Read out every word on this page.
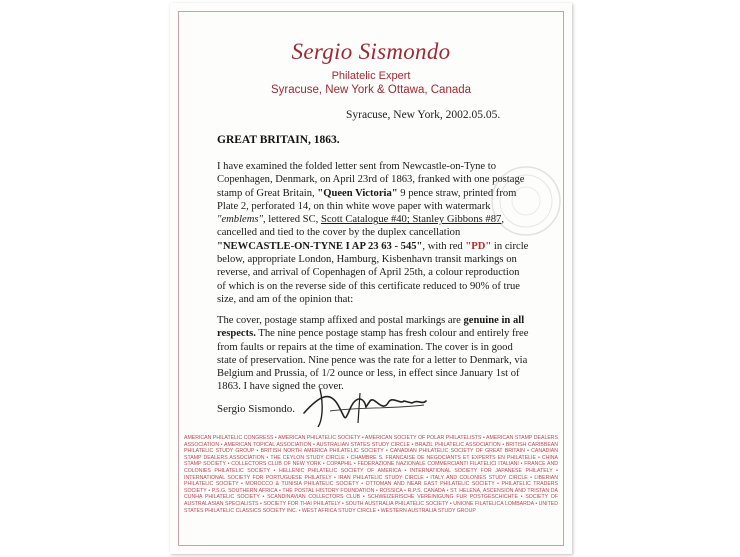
Sergio Sismondo
Philatelic Expert
Syracuse, New York & Ottawa, Canada
Syracuse, New York, 2002.05.05.
GREAT BRITAIN, 1863.
I have examined the folded letter sent from Newcastle-on-Tyne to Copenhagen, Denmark, on April 23rd of 1863, franked with one postage stamp of Great Britain, "Queen Victoria" 9 pence straw, printed from Plate 2, perforated 14, on thin white wove paper with watermark "emblems", lettered SC, Scott Catalogue #40; Stanley Gibbons #87, cancelled and tied to the cover by the duplex cancellation "NEWCASTLE-ON-TYNE I AP 23 63 - 545", with red "PD" in circle below, appropriate London, Hamburg, Kisbenhavn transit markings on reverse, and arrival of Copenhagen of April 25th, a colour reproduction of which is on the reverse side of this certificate reduced to 90% of true size, and am of the opinion that:
The cover, postage stamp affixed and postal markings are genuine in all respects. The nine pence postage stamp has fresh colour and entirely free from faults or repairs at the time of examination. The cover is in good state of preservation. Nine pence was the rate for a letter to Denmark, via Belgium and Prussia, of 1/2 ounce or less, in effect since January 1st of 1863. I have signed the cover.
Sergio Sismondo.
AMERICAN PHILATELIC CONGRESS • AMERICAN PHILATELIC SOCIETY • AMERICAN SOCIETY OF POLAR PHILATELISTS • AMERICAN STAMP DEALERS ASSOCIATION • AMERICAN TOPICAL ASSOCIATION • AUSTRALIAN STATES STUDY CIRCLE • BRAZIL PHILATELIC ASSOCIATION • BRITISH CARIBBEAN PHILATELIC STUDY GROUP • BRITISH NORTH AMERICA PHILATELIC SOCIETY • CANADIAN PHILATELIC SOCIETY OF GREAT BRITAIN • CANADIAN STAMP DEALERS ASSOCIATION • THE CEYLON STUDY CIRCLE • CHAMBRE S. FRANCAISE DE NEGOCIANTS ET EXPERTS EN PHILATELIE • CHINA STAMP SOCIETY • COLLECTORS CLUB OF NEW YORK • COPAPHIL • FEDERAZIONE NAZIONALE COMMERCIANTI FILATELICI ITALIANI • FRANCE AND COLONIES PHILATELIC SOCIETY • HELLENIC PHILATELIC SOCIETY OF AMERICA • INTERNATIONAL SOCIETY FOR JAPANESE PHILATELY • INTERNATIONAL SOCIETY FOR PORTUGUESE PHILATELY • IRAN PHILATELIC STUDY CIRCLE • ITALY AND COLONIES STUDY CIRCLE • LIBERIAN PHILATELIC SOCIETY • MOROCCO & TUNISIA PHILATELIC SOCIETY • OTTOMAN AND NEAR EAST PHILATELIC SOCIETY • PHILATELIC TRADERS SOCIETY • P.S.G. SOUTHERN AFRICA • THE POSTAL HISTORY FOUNDATION • ROSSICA • R.P.S. CANADA • ST. HELENA, ASCENSION AND TRISTAN DA CUNHA PHILATELIC SOCIETY • SCANDINAVIAN COLLECTORS CLUB • SCHWEIZERISCHE VEREINIGUNG FUR POSTGESCHICHTE • SOCIETY OF AUSTRALASIAN SPECIALISTS • SOCIETY FOR THAI PHILATELY • SOUTH AUSTRALIA PHILATELIC SOCIETY • UNIONE FILATELICA LOMBARDA • UNITED STATES PHILATELIC CLASSICS SOCIETY INC. • WEST AFRICA STUDY CIRCLE • WESTERN AUSTRALIA STUDY GROUP
